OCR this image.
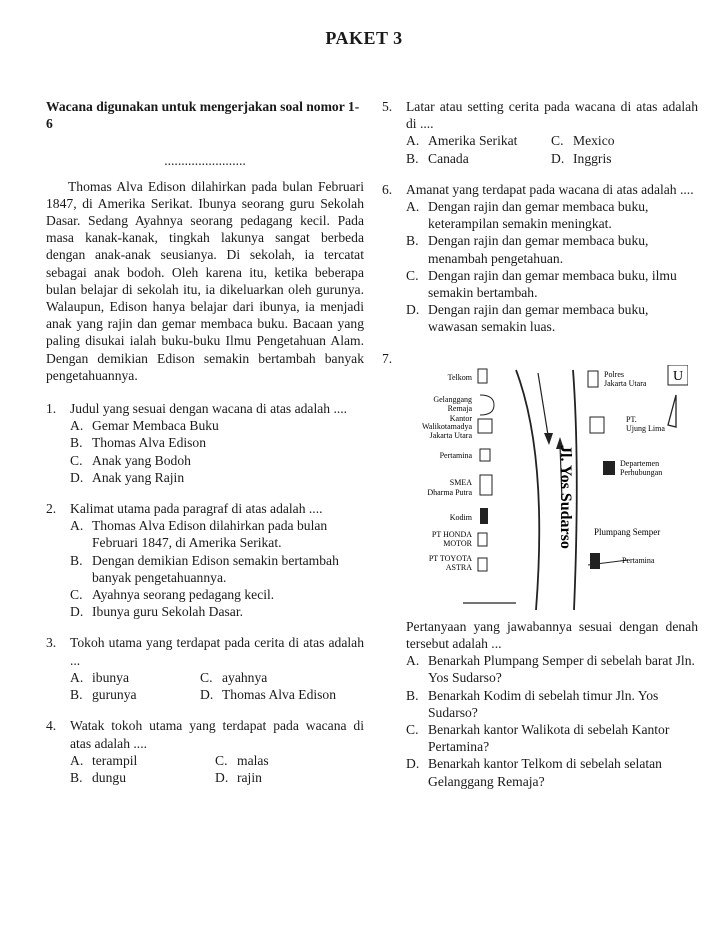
PAKET 3
Wacana digunakan untuk mengerjakan soal nomor 1-6
........................

Thomas Alva Edison dilahirkan pada bulan Februari 1847, di Amerika Serikat. Ibunya seorang guru Sekolah Dasar. Sedang Ayahnya seorang pedagang kecil. Pada masa kanak-kanak, tingkah lakunya sangat berbeda dengan anak-anak seusianya. Di sekolah, ia tercatat sebagai anak bodoh. Oleh karena itu, ketika beberapa bulan belajar di sekolah itu, ia dikeluarkan oleh gurunya. Walaupun, Edison hanya belajar dari ibunya, ia menjadi anak yang rajin dan gemar membaca buku. Bacaan yang paling disukai ialah buku-buku Ilmu Pengetahuan Alam. Dengan demikian Edison semakin bertambah banyak pengetahuannya.

1.	Judul yang sesuai dengan wacana di atas adalah ....
A. Gemar Membaca Buku
B. Thomas Alva Edison
C. Anak yang Bodoh
D. Anak yang Rajin
2.	Kalimat utama pada paragraf di atas adalah ....
A. Thomas Alva Edison dilahirkan pada bulan Februari 1847, di Amerika Serikat.
B. Dengan demikian Edison semakin bertambah banyak pengetahuannya.
C. Ayahnya seorang pedagang kecil.
D. Ibunya guru Sekolah Dasar.
3.	Tokoh utama yang terdapat pada cerita di atas adalah ...
A. ibunya	C. ayahnya
B. gurunya	D. Thomas Alva Edison
4.	Watak tokoh utama yang terdapat pada wacana di atas adalah ....
A. terampil	C. malas
B. dungu	D. rajin
5.	Latar atau setting cerita pada wacana di atas adalah di ....
A. Amerika Serikat	C. Mexico
B. Canada	D. Inggris
6.	Amanat yang terdapat pada wacana di atas adalah ....
A. Dengan rajin dan gemar membaca buku, keterampilan semakin meningkat.
B. Dengan rajin dan gemar membaca buku, menambah pengetahuan.
C. Dengan rajin dan gemar membaca buku, ilmu semakin bertambah.
D. Dengan rajin dan gemar membaca buku, wawasan semakin luas.
7.
U
Jl. Yos Sudarso
Telkom
Gelanggang
Remaja
Kantor
Walikotamadya
Jakarta Utara
Pertamina
SMEA
Dharma Putra
Kodim
PT HONDA
MOTOR
PT TOYOTA
ASTRA
Polres
Jakarta Utara
PT.
Ujung Lima
Departemen
Perhubungan
Plumpang Semper
Pertamina
Pertanyaan yang jawabannya sesuai dengan denah tersebut adalah ...
A. Benarkah Plumpang Semper di sebelah barat Jln. Yos Sudarso?
B. Benarkah Kodim di sebelah timur Jln. Yos Sudarso?
C. Benarkah kantor Walikota di sebelah Kantor Pertamina?
D. Benarkah kantor Telkom di sebelah selatan Gelanggang Remaja?
